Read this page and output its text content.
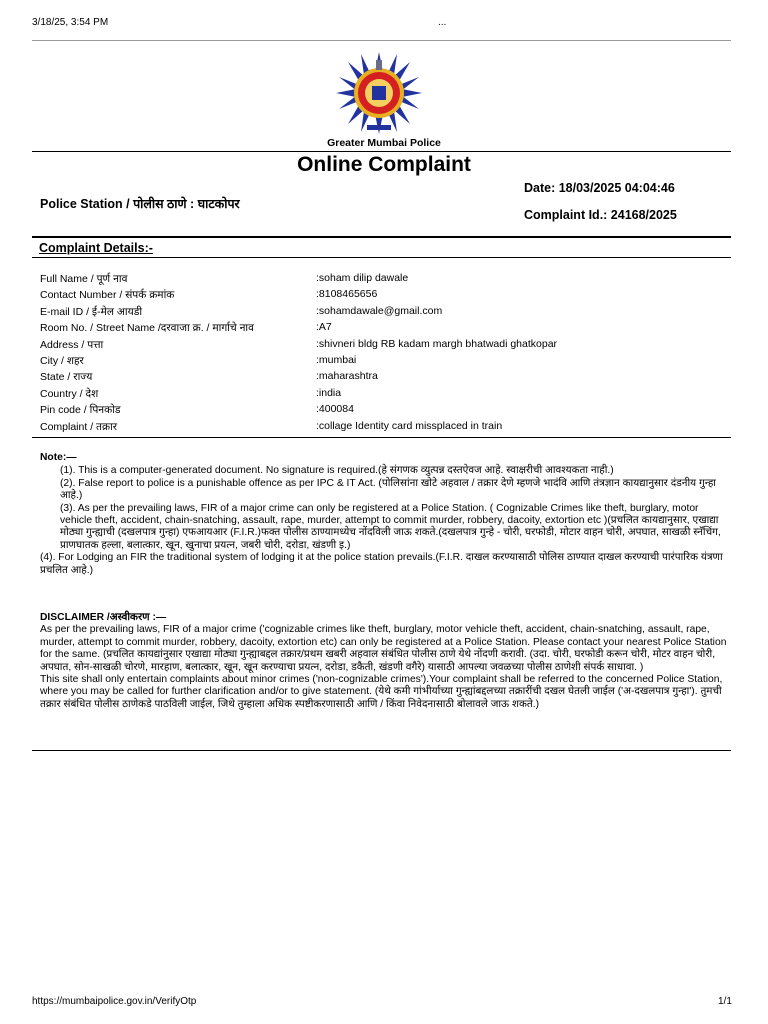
3/18/25, 3:54 PM	...
Greater Mumbai Police
Online Complaint
Date: 18/03/2025 04:04:46
Police Station / पोलीस ठाणे : घाटकोपर
Complaint Id.: 24168/2025
Complaint Details:-
Full Name / पूर्ण नाव	:soham dilip dawale
Contact Number / संपर्क क्रमांक	:8108465656
E-mail ID / ई-मेल आयडी	:sohamdawale@gmail.com
Room No. / Street Name /दरवाजा क्र. / मार्गाचे नाव	:A7
Address / पत्ता	:shivneri bldg RB kadam margh bhatwadi ghatkopar
City / शहर	:mumbai
State / राज्य	:maharashtra
Country / देश	:india
Pin code / पिनकोड	:400084
Complaint / तक्रार	:collage Identity card missplaced in train

Note:—

(1). This is a computer-generated document. No signature is required.(हे संगणक व्युत्पन्न दस्तऐवज आहे. स्वाक्षरीची आवश्यकता नाही.)

(2). False report to police is a punishable offence as per IPC & IT Act. (पोलिसांना खोटे अहवाल / तक्रार देणे म्हणजे भादंवि आणि तंत्रज्ञान कायद्यानुसार दंडनीय गुन्हा आहे.)

(3). As per the prevailing laws, FIR of a major crime can only be registered at a Police Station. ( Cognizable Crimes like theft, burglary, motor vehicle theft, accident, chain-snatching, assault, rape, murder, attempt to commit murder, robbery, dacoity, extortion etc )(प्रचलित कायद्यानुसार, एखाद्या मोठ्या गुन्ह्याची (दखलपात्र गुन्हा) एफआयआर (F.I.R.)फक्त पोलीस ठाण्यामध्येच नोंदविली जाऊ शकते.(दखलपात्र गुन्हे - चोरी, घरफोडी, मोटार वाहन चोरी, अपघात, साखळी स्नॅचिंग, प्राणघातक हल्ला, बलात्कार, खून, खुनाचा प्रयत्न, जबरी चोरी, दरोडा, खंडणी इ.)

(4). For Lodging an FIR the traditional system of lodging it at the police station prevails.(F.I.R. दाखल करण्यासाठी पोलिस ठाण्यात दाखल करण्याची पारंपारिक यंत्रणा प्रचलित आहे.)

DISCLAIMER /अस्वीकरण :—

As per the prevailing laws, FIR of a major crime ('cognizable crimes like theft, burglary, motor vehicle theft, accident, chain-snatching, assault, rape, murder, attempt to commit murder, robbery, dacoity, extortion etc) can only be registered at a Police Station. Please contact your nearest Police Station for the same. (प्रचलित कायद्यांनुसार एखाद्या मोठ्या गुन्ह्याबद्दल तक्रार/प्रथम खबरी अहवाल संबंधित पोलीस ठाणे येथे नोंदणी करावी. (उदा. चोरी, घरफोडी करून चोरी, मोटर वाहन चोरी, अपघात, सोन-साखळी चोरणे, मारहाण, बलात्कार, खून, खून करण्याचा प्रयत्न, दरोडा, डकैती, खंडणी वगैरे) यासाठी आपल्या जवळच्या पोलीस ठाणेशी संपर्क साधावा. )

This site shall only entertain complaints about minor crimes ('non-cognizable crimes').Your complaint shall be referred to the concerned Police Station, where you may be called for further clarification and/or to give statement. (येथे कमी गांभीर्याच्या गुन्ह्यांबद्दलच्या तक्रारींची दखल घेतली जाईल ('अ-दखलपात्र गुन्हा'). तुमची तक्रार संबंधित पोलीस ठाणेकडे पाठविली जाईल, जिथे तुम्हाला अधिक स्पष्टीकरणासाठी आणि / किंवा निवेदनासाठी बोलावले जाऊ शकते.)

https://mumbaipolice.gov.in/VerifyOtp	1/1
